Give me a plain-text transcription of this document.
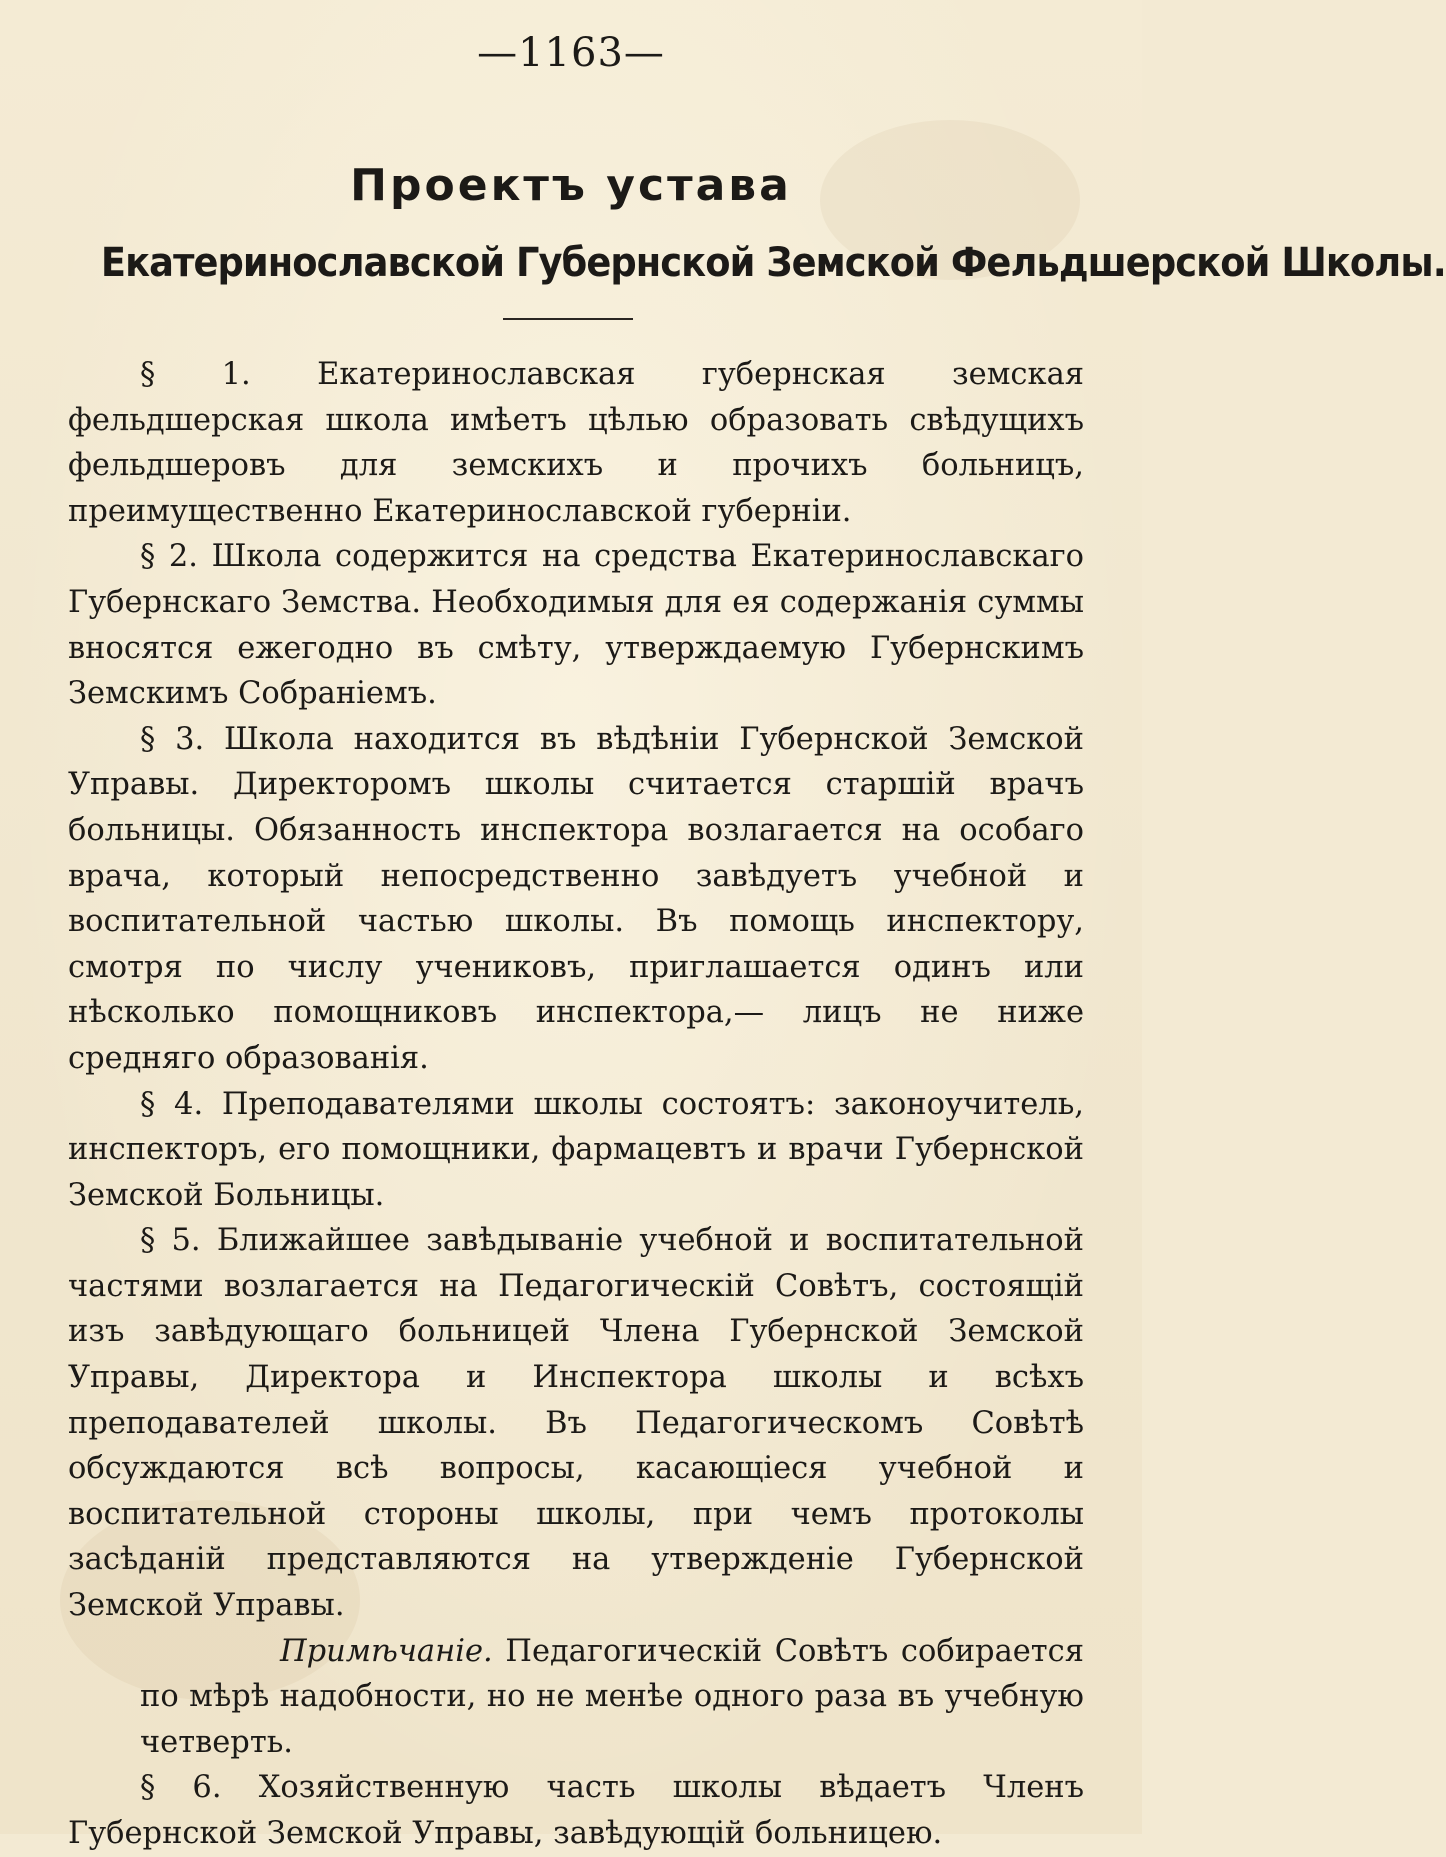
—1163—
Проектъ устава
Екатеринославской Губернской Земской Фельдшерской Школы.

§ 1. Екатеринославская губернская земская фельдшерская школа имѣетъ цѣлью образовать свѣдущихъ фельдшеровъ для земскихъ и прочихъ больницъ, преимущественно Екатеринославской губерніи.

§ 2. Школа содержится на средства Екатеринославскаго Губернскаго Земства. Необходимыя для ея содержанія суммы вносятся ежегодно въ смѣту, утверждаемую Губернскимъ Земскимъ Собраніемъ.

§ 3. Школа находится въ вѣдѣніи Губернской Земской Управы. Директоромъ школы считается старшій врачъ больницы. Обязанность инспектора возлагается на особаго врача, который непосредственно завѣдуетъ учебной и воспитательной частью школы. Въ помощь инспектору, смотря по числу учениковъ, приглашается одинъ или нѣсколько помощниковъ инспектора,— лицъ не ниже средняго образованія.

§ 4. Преподавателями школы состоятъ: законоучитель, инспекторъ, его помощники, фармацевтъ и врачи Губернской Земской Больницы.

§ 5. Ближайшее завѣдываніе учебной и воспитательной частями возлагается на Педагогическій Совѣтъ, состоящій изъ завѣдующаго больницей Члена Губернской Земской Управы, Директора и Инспектора школы и всѣхъ преподавателей школы. Въ Педагогическомъ Совѣтѣ обсуждаются всѣ вопросы, касающіеся учебной и воспитательной стороны школы, при чемъ протоколы засѣданій представляются на утвержденіе Губернской Земской Управы.

Примѣчаніе. Педагогическій Совѣтъ собирается по мѣрѣ надобности, но не менѣе одного раза въ учебную четверть.

§ 6. Хозяйственную часть школы вѣдаетъ Членъ Губернской Земской Управы, завѣдующій больницею.
